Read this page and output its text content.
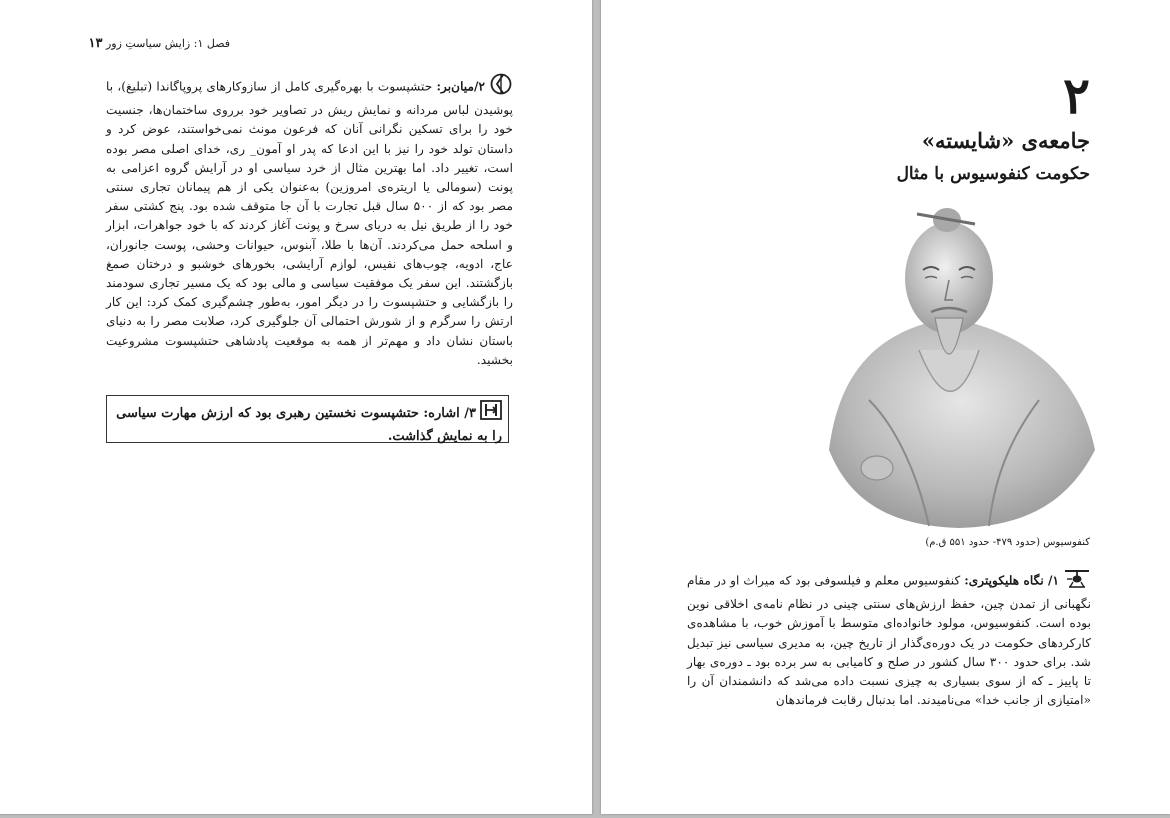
فصل ۱: زایش سیاستِ زور ۱۳
۲/میان‌بر: حتشپسوت با بهره‌گیری کامل از سازوکارهای پروپاگاندا (تبلیغ)، با پوشیدن لباس مردانه و نمایش ریش در تصاویر خود برروی ساختمان‌ها، جنسیت خود را برای تسکین نگرانی آنان که فرعون مونث نمی‌خواستند، عوض کرد و داستان تولد خود را نیز با این ادعا که پدر او آمون_ ری، خدای اصلی مصر بوده است، تغییر داد. اما بهترین مثال از خرد سیاسی او در آرایش گروه اعزامی به پونت (سومالی یا اریتره‌ی امروزین) به‌عنوان یکی از هم پیمانان تجاری سنتی مصر بود که از ۵۰۰ سال قبل تجارت با آن جا متوقف شده بود. پنج کشتی سفر خود را از طریق نیل به دریای سرخ و پونت آغاز کردند که با خود جواهرات، ابزار و اسلحه حمل می‌کردند. آن‌ها با طلا، آبنوس، حیوانات وحشی، پوست جانوران، عاج، ادویه، چوب‌های نفیس، لوازم آرایشی، بخورهای خوشبو و درختان صمغ بازگشتند. این سفر یک موفقیت سیاسی و مالی بود که یک مسیر تجاری سودمند را بازگشایی و حتشپسوت را در دیگر امور، به‌طور چشم‌گیری کمک کرد: این کار ارتش را سرگرم و از شورش احتمالی آن جلوگیری کرد، صلابت مصر را به دنیای باستان نشان داد و مهم‌تر از همه به موقعیت پادشاهی حتشپسوت مشروعیت بخشید.
۳/ اشاره: حتشپسوت نخستین رهبری بود که ارزش مهارت سیاسی
را به نمایش گذاشت.
۲
جامعه‌ی «شایسته»
حکومت کنفوسیوس با مثال
کنفوسیوس (حدود ۴۷۹- حدود ۵۵۱ ق.م)
۱/ نگاه هلیکوپتری: کنفوسیوس معلم و فیلسوفی بود که میراث او در مقام نگهبانی از تمدن چین، حفظ ارزش‌های سنتی چینی در نظام نامه‌ی اخلاقی نوین بوده است. کنفوسیوس، مولود خانواده‌ای متوسط با آموزش خوب، با مشاهده‌ی کارکردهای حکومت در یک دوره‌ی‌گذار از تاریخ چین، به مدیری سیاسی نیز تبدیل شد. برای حدود ۳۰۰ سال کشور در صلح و کامیابی به سر برده بود ـ دوره‌ی بهار تا پاییز ـ که از سوی بسیاری به چیزی نسبت داده می‌شد که دانشمندان آن را «امتیازی از جانب خدا» می‌نامیدند. اما بدنبال رقابت فرماندهان
